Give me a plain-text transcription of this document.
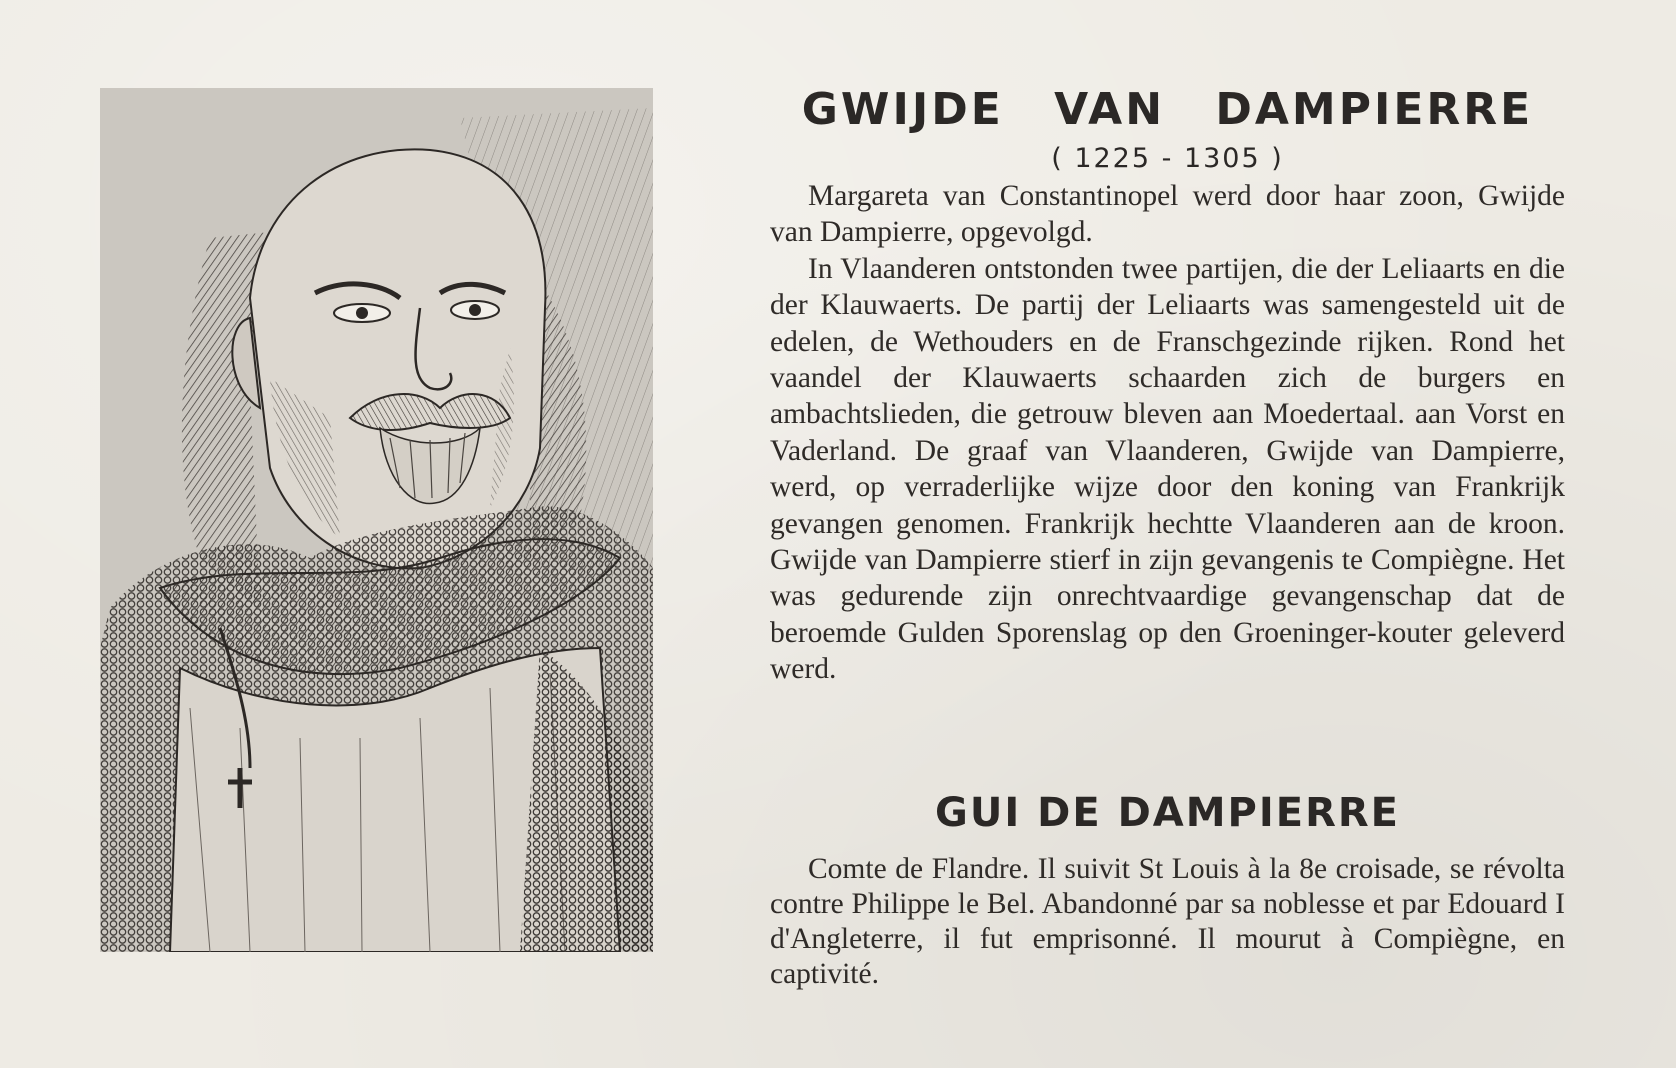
GWIJDE VAN DAMPIERRE
( 1225 - 1305 )

Margareta van Constantinopel werd door haar zoon, Gwijde van Dampierre, opgevolgd.

In Vlaanderen ontstonden twee partijen, die der Leliaarts en die der Klauwaerts. De partij der Leliaarts was samengesteld uit de edelen, de Wethouders en de Franschgezinde rijken. Rond het vaandel der Klauwaerts schaarden zich de burgers en ambachtslieden, die getrouw bleven aan Moedertaal. aan Vorst en Vaderland. De graaf van Vlaanderen, Gwijde van Dampierre, werd, op verraderlijke wijze door den koning van Frankrijk gevangen genomen. Frankrijk hechtte Vlaanderen aan de kroon. Gwijde van Dampierre stierf in zijn gevangenis te Compiègne. Het was gedurende zijn onrechtvaardige gevangenschap dat de beroemde Gulden Sporenslag op den Groeninger-kouter geleverd werd.

GUI DE DAMPIERRE

Comte de Flandre. Il suivit St Louis à la 8e croisade, se révolta contre Philippe le Bel. Abandonné par sa noblesse et par Edouard I d'Angleterre, il fut emprisonné. Il mourut à Compiègne, en captivité.
